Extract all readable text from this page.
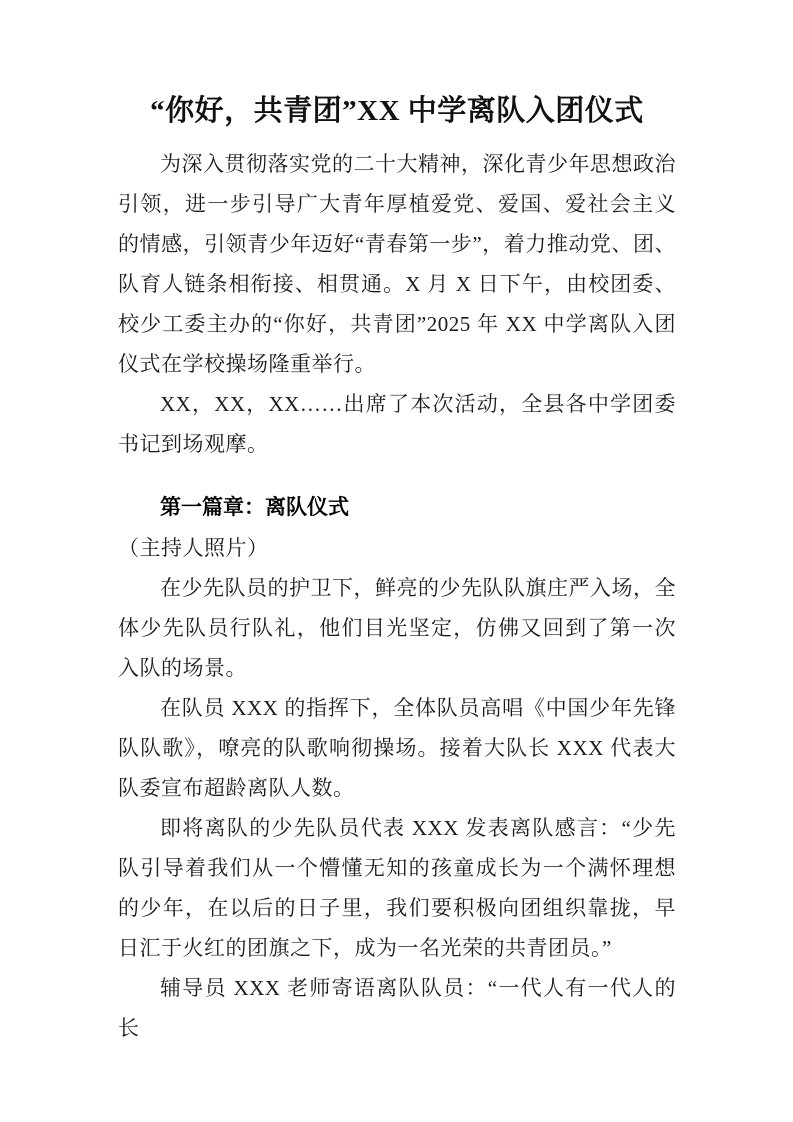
“你好，共青团”XX 中学离队入团仪式

为深入贯彻落实党的二十大精神，深化青少年思想政治引领，进一步引导广大青年厚植爱党、爱国、爱社会主义的情感，引领青少年迈好“青春第一步”，着力推动党、团、队育人链条相衔接、相贯通。X 月 X 日下午，由校团委、校少工委主办的“你好，共青团”2025 年 XX 中学离队入团仪式在学校操场隆重举行。

XX，XX，XX……出席了本次活动，全县各中学团委书记到场观摩。

第一篇章：离队仪式

（主持人照片）

在少先队员的护卫下，鲜亮的少先队队旗庄严入场，全体少先队员行队礼，他们目光坚定，仿佛又回到了第一次入队的场景。

在队员 XXX 的指挥下，全体队员高唱《中国少年先锋队队歌》，嘹亮的队歌响彻操场。接着大队长 XXX 代表大队委宣布超龄离队人数。

即将离队的少先队员代表 XXX 发表离队感言：“少先队引导着我们从一个懵懂无知的孩童成长为一个满怀理想的少年，在以后的日子里，我们要积极向团组织靠拢，早日汇于火红的团旗之下，成为一名光荣的共青团员。”

辅导员 XXX 老师寄语离队队员：“一代人有一代人的长
